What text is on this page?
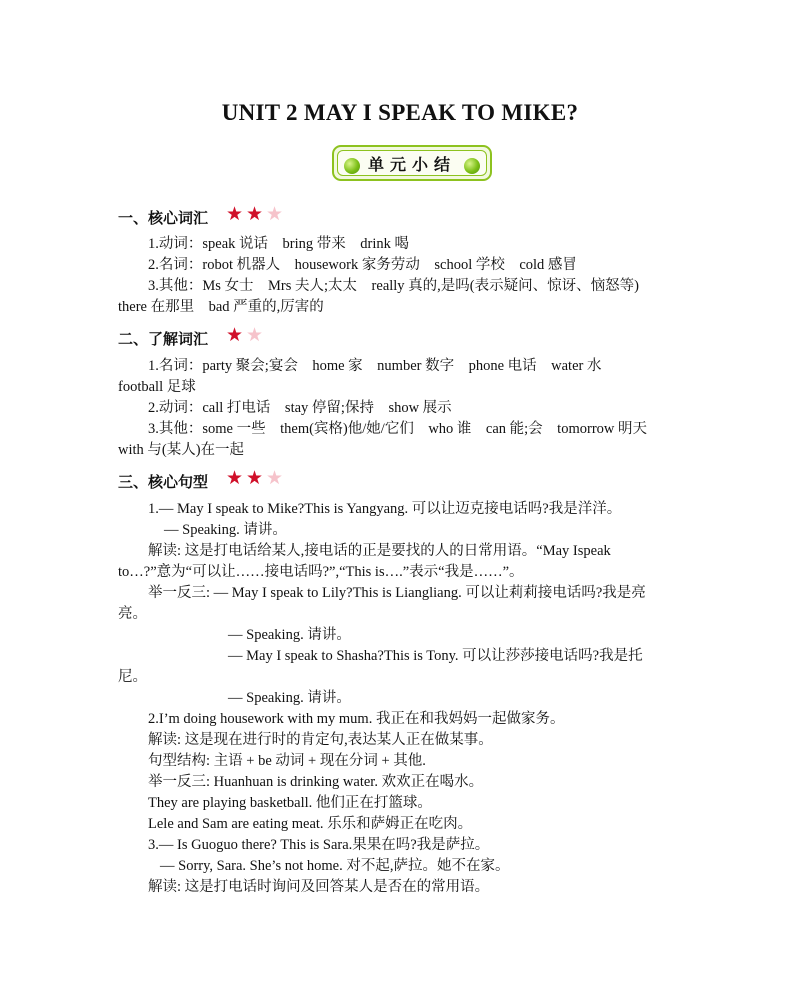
UNIT 2 MAY I SPEAK TO MIKE?
单元小结
一、核心词汇 ★ ★ ★
1.动词：speak 说话　bring 带来　drink 喝
2.名词：robot 机器人　housework 家务劳动　school 学校　cold 感冒
3.其他：Ms 女士　Mrs 夫人;太太　really 真的,是吗(表示疑问、惊讶、恼怒等)
there 在那里　bad 严重的,厉害的
二、了解词汇 ★ ★
1.名词：party 聚会;宴会　home 家　number 数字　phone 电话　water 水
football 足球
2.动词：call 打电话　stay 停留;保持　show 展示
3.其他：some 一些　them(宾格)他/她/它们　who 谁　can 能;会　tomorrow 明天
with 与(某人)在一起
三、核心句型 ★ ★ ★
1.— May I speak to Mike?This is Yangyang. 可以让迈克接电话吗?我是洋洋。
— Speaking. 请讲。
解读: 这是打电话给某人,接电话的正是要找的人的日常用语。“May Ispeak
to…?”意为“可以让……接电话吗?”,“This is….”表示“我是……”。
举一反三: — May I speak to Lily?This is Liangliang. 可以让莉莉接电话吗?我是亮
亮。
— Speaking. 请讲。
— May I speak to Shasha?This is Tony. 可以让莎莎接电话吗?我是托
尼。
— Speaking. 请讲。
2.I’m doing housework with my mum. 我正在和我妈妈一起做家务。
解读: 这是现在进行时的肯定句,表达某人正在做某事。
句型结构: 主语 + be 动词 + 现在分词 + 其他.
举一反三: Huanhuan is drinking water. 欢欢正在喝水。
They are playing basketball. 他们正在打篮球。
Lele and Sam are eating meat. 乐乐和萨姆正在吃肉。
3.— Is Guoguo there? This is Sara.果果在吗?我是萨拉。
— Sorry, Sara. She’s not home. 对不起,萨拉。她不在家。
解读: 这是打电话时询问及回答某人是否在的常用语。
